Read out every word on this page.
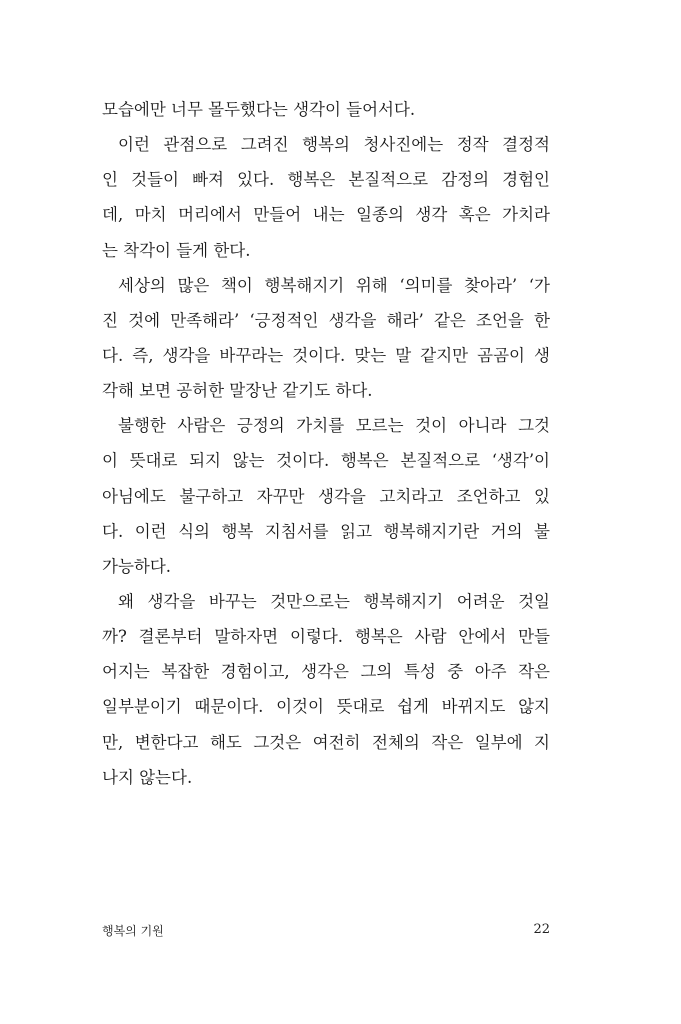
모습에만 너무 몰두했다는 생각이 들어서다.
이런 관점으로 그려진 행복의 청사진에는 정작 결정적
인 것들이 빠져 있다. 행복은 본질적으로 감정의 경험인
데, 마치 머리에서 만들어 내는 일종의 생각 혹은 가치라
는 착각이 들게 한다.
세상의 많은 책이 행복해지기 위해 ‘의미를 찾아라’ ‘가
진 것에 만족해라’ ‘긍정적인 생각을 해라’ 같은 조언을 한
다. 즉, 생각을 바꾸라는 것이다. 맞는 말 같지만 곰곰이 생
각해 보면 공허한 말장난 같기도 하다.
불행한 사람은 긍정의 가치를 모르는 것이 아니라 그것
이 뜻대로 되지 않는 것이다. 행복은 본질적으로 ‘생각’이
아님에도 불구하고 자꾸만 생각을 고치라고 조언하고 있
다. 이런 식의 행복 지침서를 읽고 행복해지기란 거의 불
가능하다.
왜 생각을 바꾸는 것만으로는 행복해지기 어려운 것일
까? 결론부터 말하자면 이렇다. 행복은 사람 안에서 만들
어지는 복잡한 경험이고, 생각은 그의 특성 중 아주 작은
일부분이기 때문이다. 이것이 뜻대로 쉽게 바뀌지도 않지
만, 변한다고 해도 그것은 여전히 전체의 작은 일부에 지
나지 않는다.
행복의 기원	22
